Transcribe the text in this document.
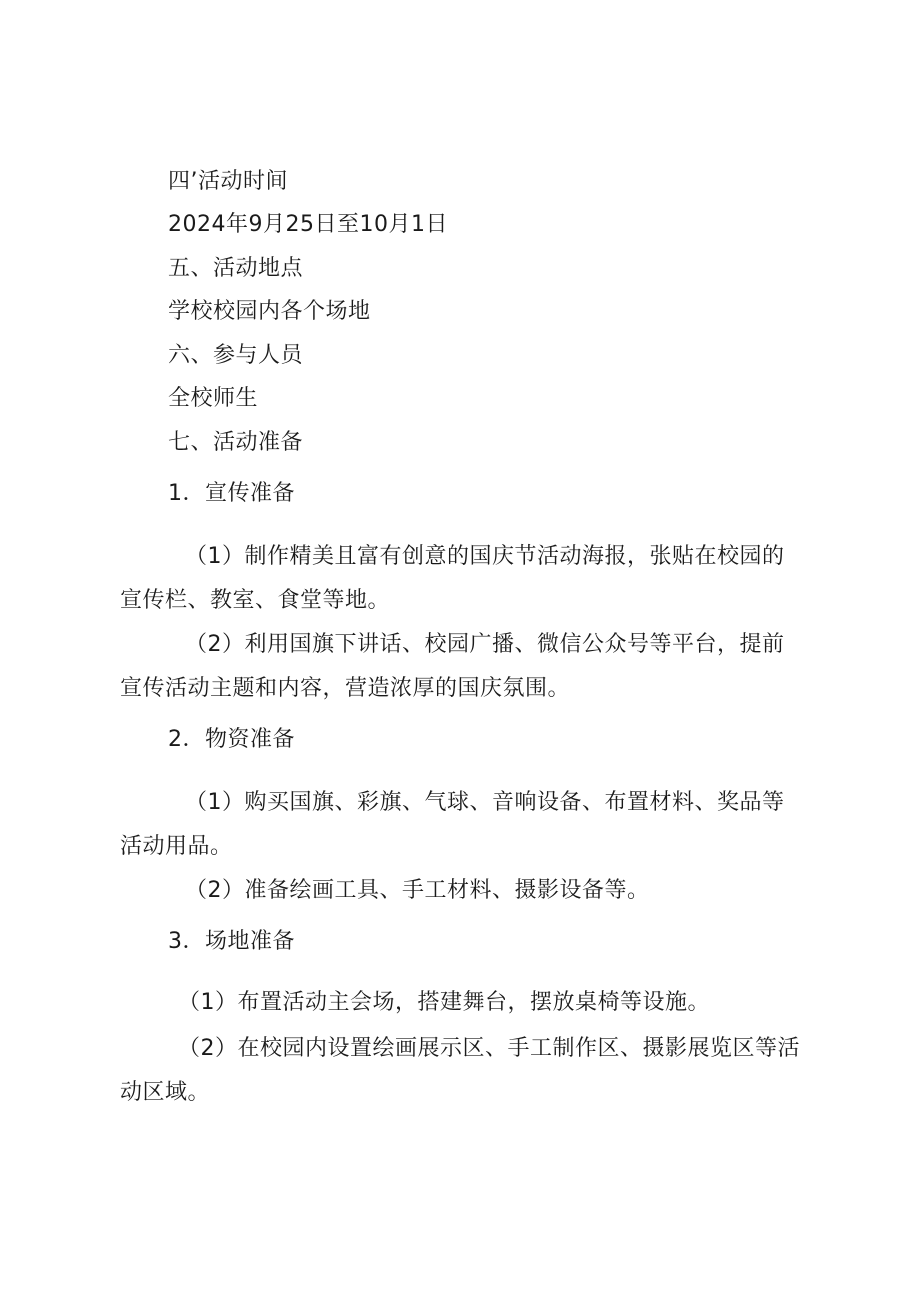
四’活动时间
2024年9月25日至10月1日
五、活动地点
学校校园内各个场地
六、参与人员
全校师生
七、活动准备
1．宣传准备
（1）制作精美且富有创意的国庆节活动海报，张贴在校园的
宣传栏、教室、食堂等地。
（2）利用国旗下讲话、校园广播、微信公众号等平台，提前
宣传活动主题和内容，营造浓厚的国庆氛围。
2．物资准备
（1）购买国旗、彩旗、气球、音响设备、布置材料、奖品等
活动用品。
（2）准备绘画工具、手工材料、摄影设备等。
3．场地准备
（1）布置活动主会场，搭建舞台，摆放桌椅等设施。
（2）在校园内设置绘画展示区、手工制作区、摄影展览区等活
动区域。
